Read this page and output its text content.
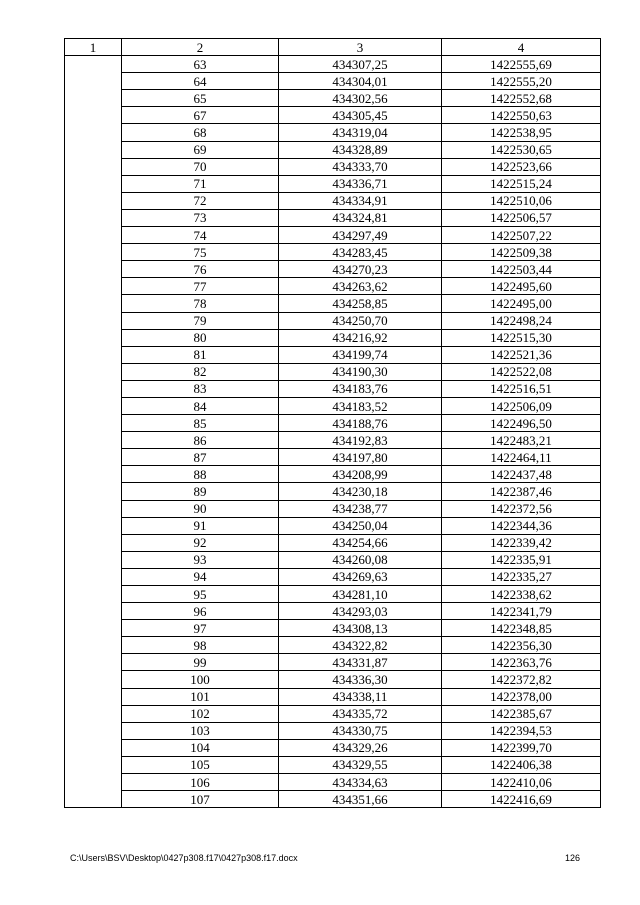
1	2	3	4
	63	434307,25	1422555,69
	64	434304,01	1422555,20
	65	434302,56	1422552,68
	67	434305,45	1422550,63
	68	434319,04	1422538,95
	69	434328,89	1422530,65
	70	434333,70	1422523,66
	71	434336,71	1422515,24
	72	434334,91	1422510,06
	73	434324,81	1422506,57
	74	434297,49	1422507,22
	75	434283,45	1422509,38
	76	434270,23	1422503,44
	77	434263,62	1422495,60
	78	434258,85	1422495,00
	79	434250,70	1422498,24
	80	434216,92	1422515,30
	81	434199,74	1422521,36
	82	434190,30	1422522,08
	83	434183,76	1422516,51
	84	434183,52	1422506,09
	85	434188,76	1422496,50
	86	434192,83	1422483,21
	87	434197,80	1422464,11
	88	434208,99	1422437,48
	89	434230,18	1422387,46
	90	434238,77	1422372,56
	91	434250,04	1422344,36
	92	434254,66	1422339,42
	93	434260,08	1422335,91
	94	434269,63	1422335,27
	95	434281,10	1422338,62
	96	434293,03	1422341,79
	97	434308,13	1422348,85
	98	434322,82	1422356,30
	99	434331,87	1422363,76
	100	434336,30	1422372,82
	101	434338,11	1422378,00
	102	434335,72	1422385,67
	103	434330,75	1422394,53
	104	434329,26	1422399,70
	105	434329,55	1422406,38
	106	434334,63	1422410,06
	107	434351,66	1422416,69
C:\Users\BSV\Desktop\0427p308.f17\0427p308.f17.docx	126
